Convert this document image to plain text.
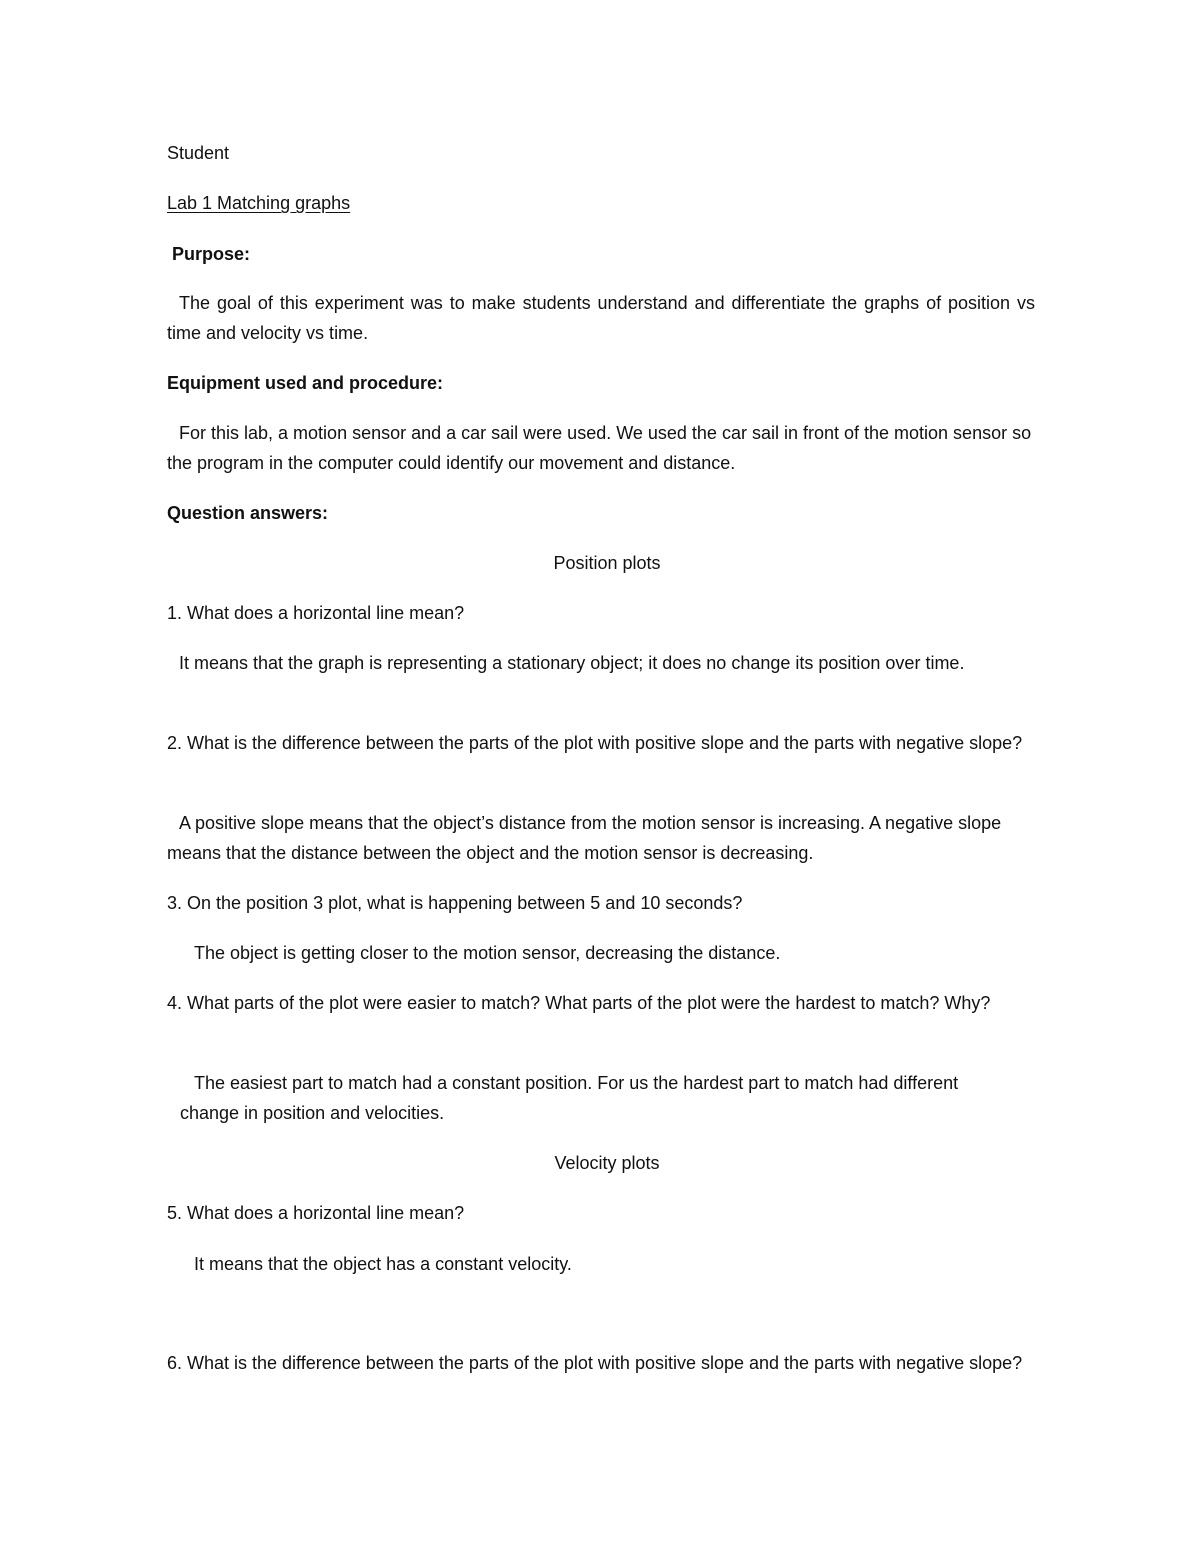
Student
Lab 1 Matching graphs
Purpose:
The goal of this experiment was to make students understand and differentiate the graphs of position vs time and velocity vs time.
Equipment used and procedure:
For this lab, a motion sensor and a car sail were used. We used the car sail in front of the motion sensor so the program in the computer could identify our movement and distance.
Question answers:
Position plots
1. What does a horizontal line mean?
It means that the graph is representing a stationary object; it does no change its position over time.
2. What is the difference between the parts of the plot with positive slope and the parts with negative slope?
A positive slope means that the object’s distance from the motion sensor is increasing. A negative slope means that the distance between the object and the motion sensor is decreasing.
3. On the position 3 plot, what is happening between 5 and 10 seconds?
The object is getting closer to the motion sensor, decreasing the distance.
4. What parts of the plot were easier to match? What parts of the plot were the hardest to match? Why?
The easiest part to match had a constant position. For us the hardest part to match had different change in position and velocities.
Velocity plots
5. What does a horizontal line mean?
It means that the object has a constant velocity.
6. What is the difference between the parts of the plot with positive slope and the parts with negative slope?
